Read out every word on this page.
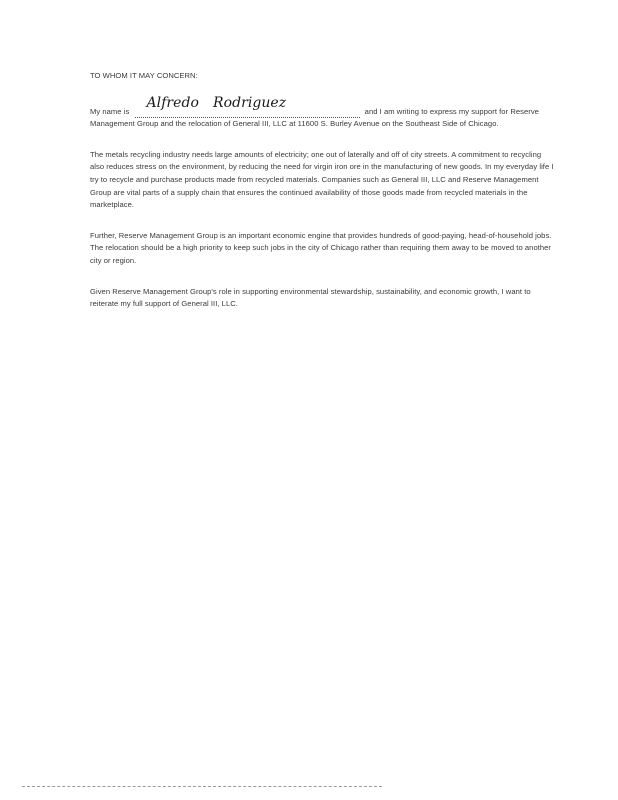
TO WHOM IT MAY CONCERN:

My name is
Alfredo Rodriguez
and I am writing to express my support for Reserve Management Group and the relocation of General III, LLC at 11600 S. Burley Avenue on the Southeast Side of Chicago.

The metals recycling industry needs large amounts of electricity; one out of laterally and off of city streets. A commitment to recycling also reduces stress on the environment, by reducing the need for virgin iron ore in the manufacturing of new goods. In my everyday life I try to recycle and purchase products made from recycled materials. Companies such as General III, LLC and Reserve Management Group are vital parts of a supply chain that ensures the continued availability of those goods made from recycled materials in the marketplace.

Further, Reserve Management Group is an important economic engine that provides hundreds of good-paying, head-of-household jobs. The relocation should be a high priority to keep such jobs in the city of Chicago rather than requiring them away to be moved to another city or region.

Given Reserve Management Group's role in supporting environmental stewardship, sustainability, and economic growth, I want to reiterate my full support of General III, LLC.
